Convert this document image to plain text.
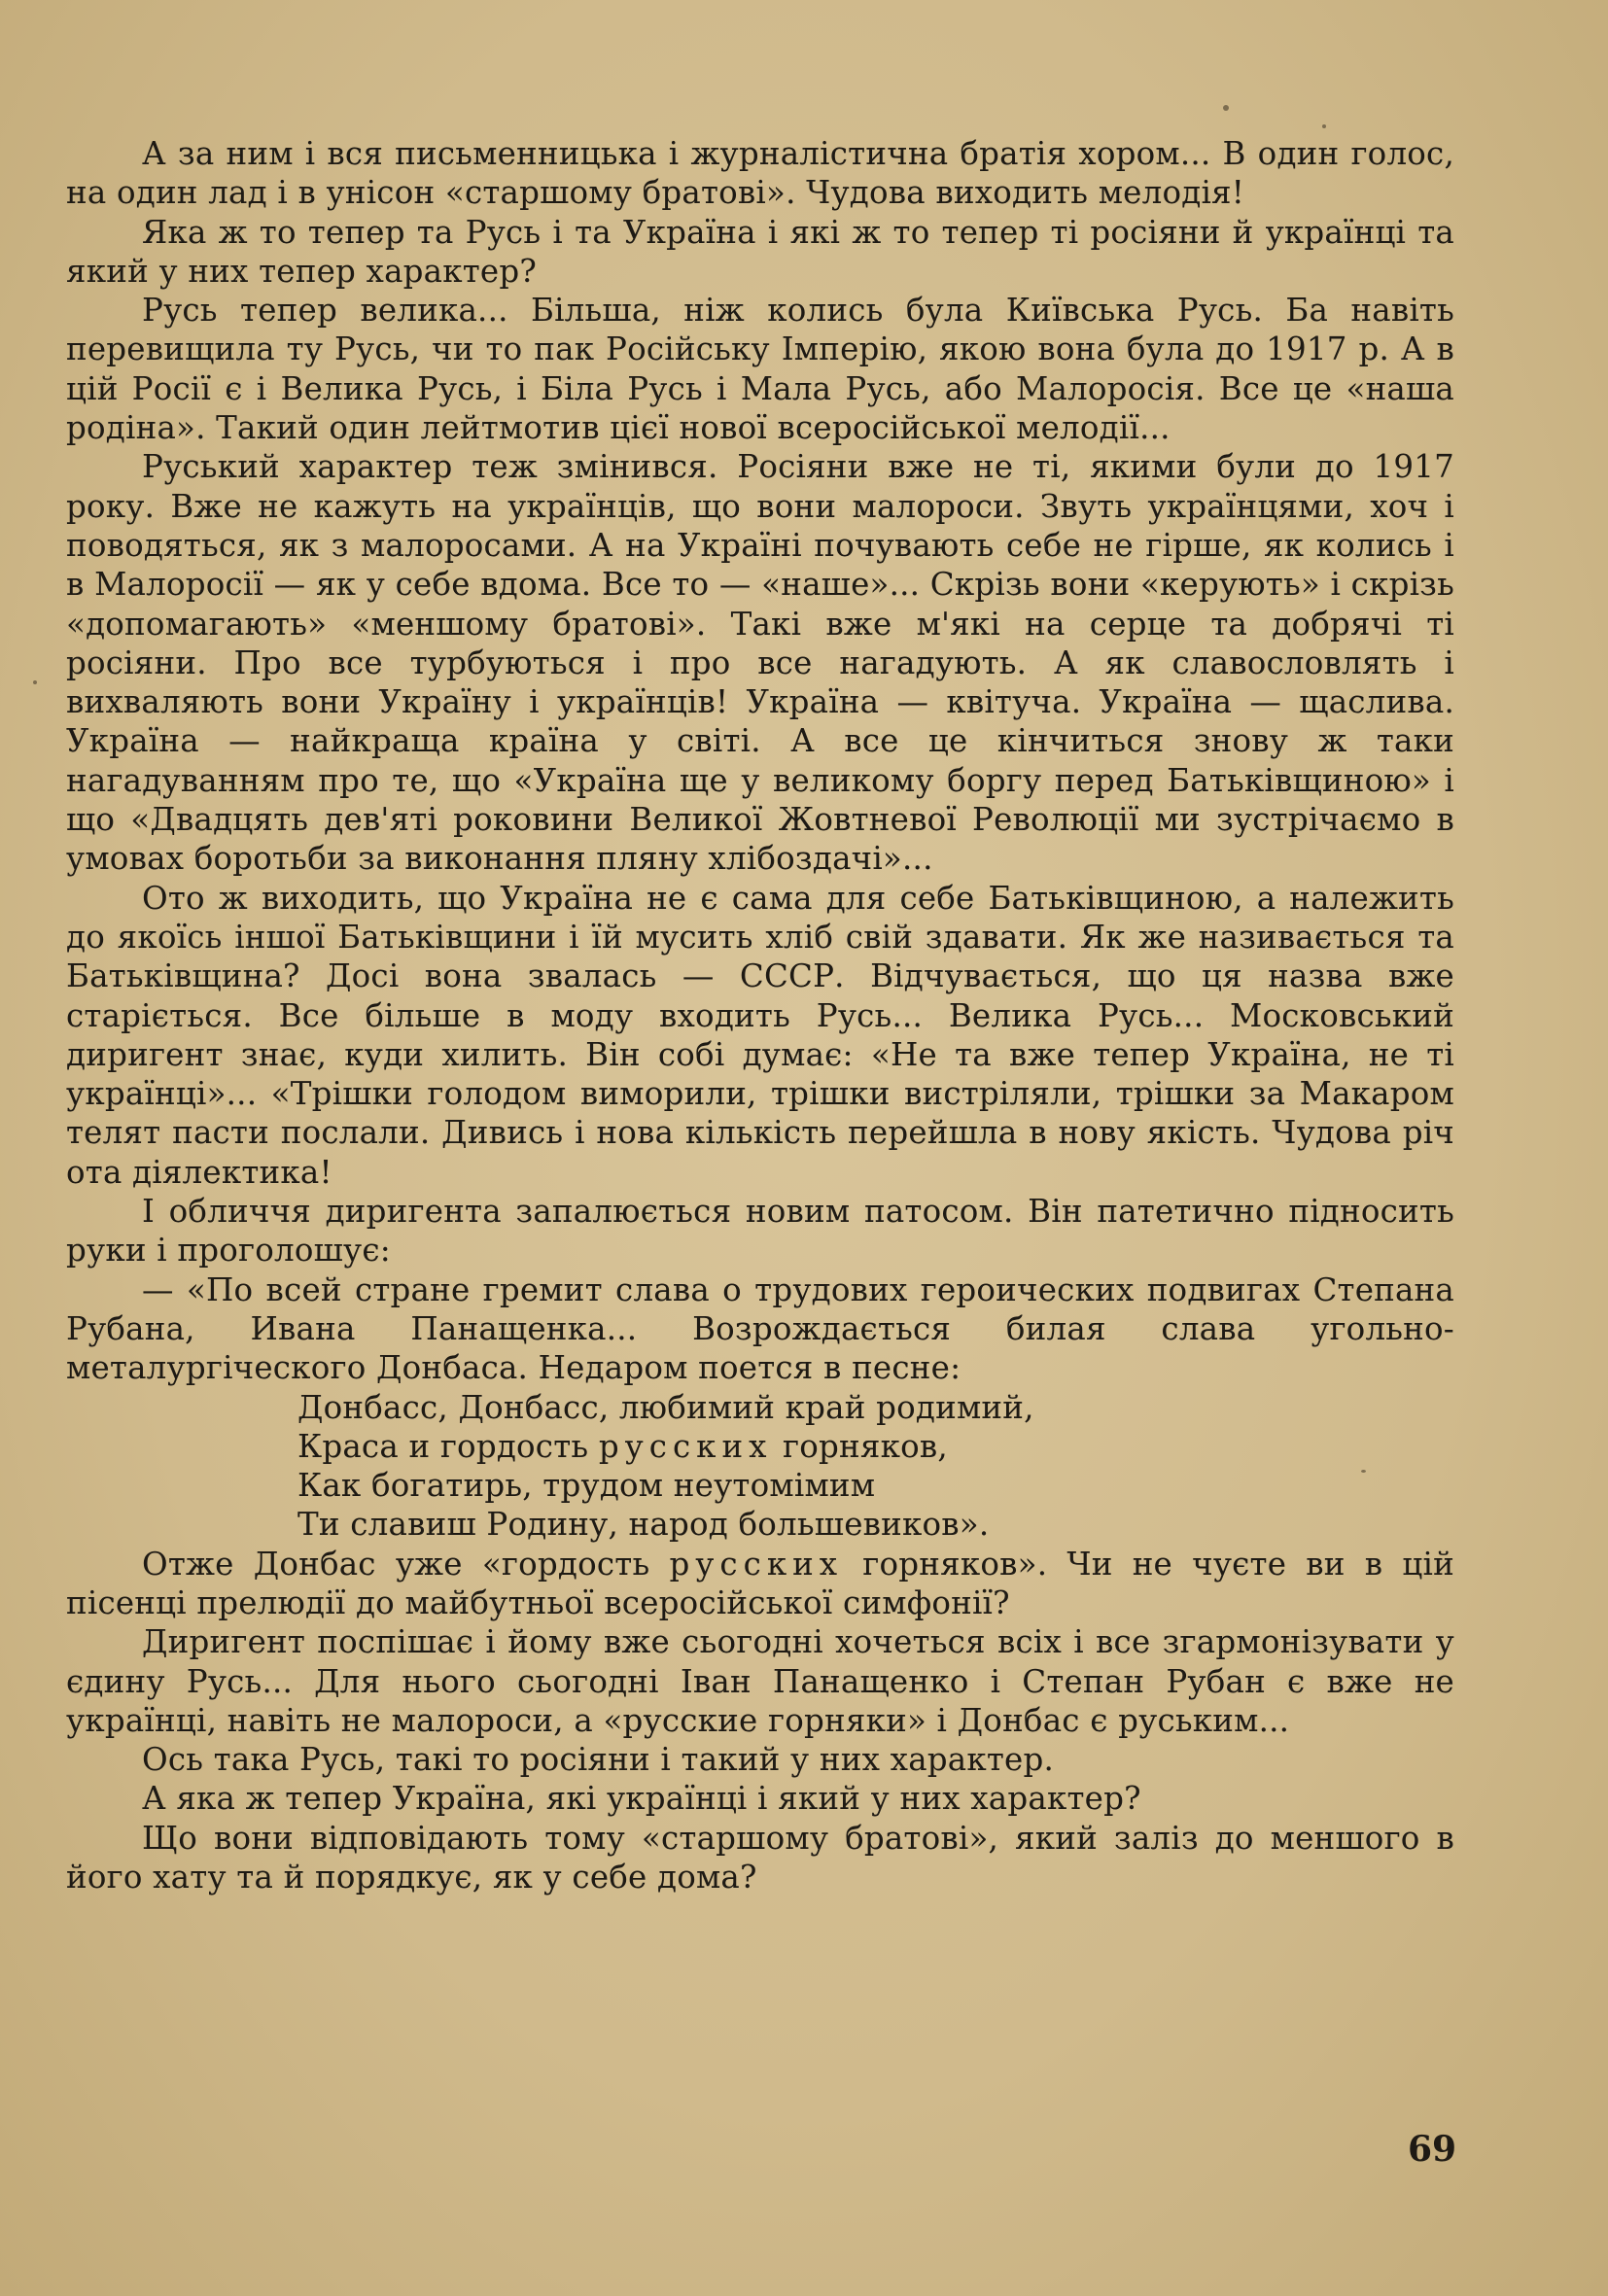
А за ним і вся письменницька і журналістична братія хором... В один голос, на один лад і в унісон «старшому братові». Чудова виходить мелодія!

Яка ж то тепер та Русь і та Україна і які ж то тепер ті росіяни й українці та який у них тепер характер?

Русь тепер велика... Більша, ніж колись була Київська Русь. Ба навіть перевищила ту Русь, чи то пак Російську Імперію, якою вона була до 1917 р. А в цій Росії є і Велика Русь, і Біла Русь і Мала Русь, або Малоросія. Все це «наша родіна». Такий один лейтмотив цієї нової всеросійської мелодії...

Руський характер теж змінився. Росіяни вже не ті, якими були до 1917 року. Вже не кажуть на українців, що вони малороси. Звуть українцями, хоч і поводяться, як з малоросами. А на Україні почувають себе не гірше, як колись і в Малоросії — як у себе вдома. Все то — «наше»... Скрізь вони «керують» і скрізь «допомагають» «меншому братові». Такі вже м'які на серце та добрячі ті росіяни. Про все турбуються і про все нагадують. А як славословлять і вихваляють вони Україну і українців! Україна — квітуча. Україна — щаслива. Україна — найкраща країна у світі. А все це кінчиться знову ж таки нагадуванням про те, що «Україна ще у великому боргу перед Батьківщиною» і що «Двадцять дев'яті роковини Великої Жовтневої Революції ми зустрічаємо в умовах боротьби за виконання пляну хлібоздачі»...

Ото ж виходить, що Україна не є сама для себе Батьківщиною, а належить до якоїсь іншої Батьківщини і їй мусить хліб свій здавати. Як же називається та Батьківщина? Досі вона звалась — СССР. Відчувається, що ця назва вже старіється. Все більше в моду входить Русь... Велика Русь... Московський диригент знає, куди хилить. Він собі думає: «Не та вже тепер Україна, не ті українці»... «Трішки голодом виморили, трішки вистріляли, трішки за Макаром телят пасти послали. Дивись і нова кількість перейшла в нову якість. Чудова річ ота діялектика!

І обличчя диригента запалюється новим патосом. Він патетично підносить руки і проголошує:

— «По всей стране гремит слава о трудових героических подвигах Степана Рубана, Ивана Панащенка... Возрождається билая слава угольно-металургіческого Донбаса. Недаром поется в песне:

Донбасс, Донбасс, любимий край родимий,
Краса и гордость русских горняков,
Как богатирь, трудом неутомімим
Ти славиш Родину, народ большевиков».

Отже Донбас уже «гордость русских горняков». Чи не чуєте ви в цій пісенці прелюдії до майбутньої всеросійської симфонії?

Диригент поспішає і йому вже сьогодні хочеться всіх і все згармонізувати у єдину Русь... Для нього сьогодні Іван Панащенко і Степан Рубан є вже не українці, навіть не малороси, а «русские горняки» і Донбас є руським...

Ось така Русь, такі то росіяни і такий у них характер.

А яка ж тепер Україна, які українці і який у них характер?

Що вони відповідають тому «старшому братові», який заліз до меншого в його хату та й порядкує, як у себе дома?

69
